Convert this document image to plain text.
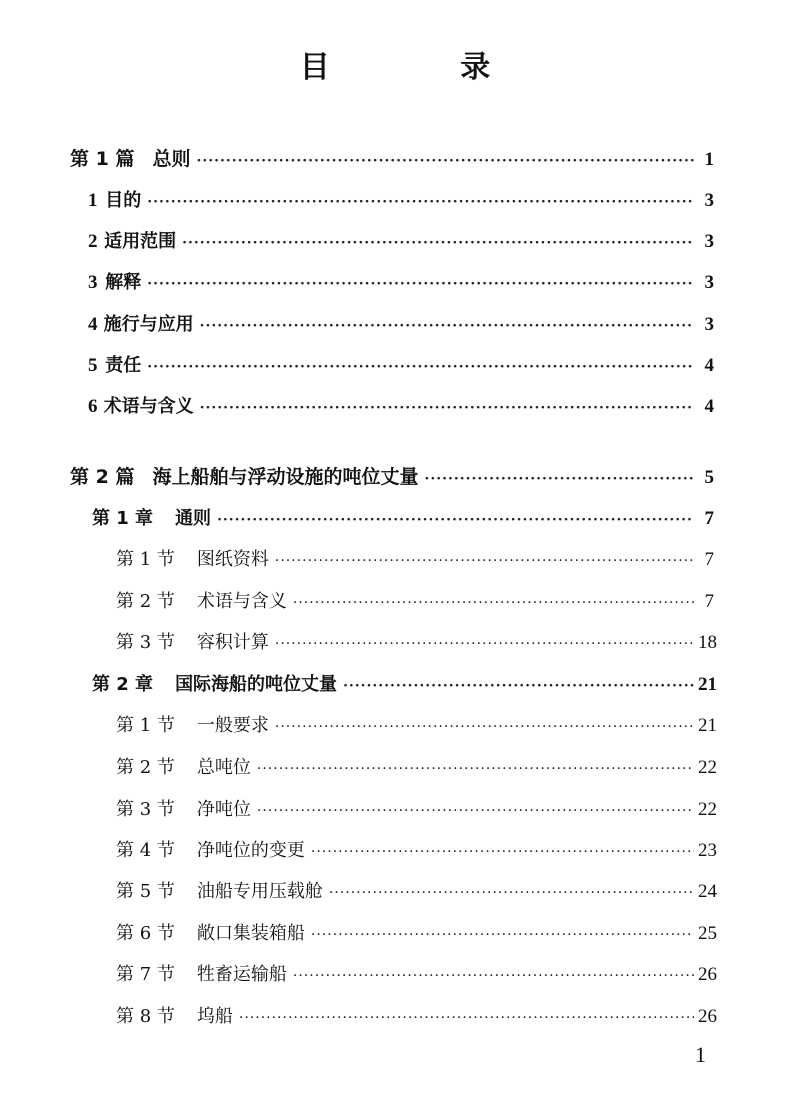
目 录
第 1 篇 总则 ·····	1
1 目的 ·····	3
2 适用范围 ·····	3
3 解释 ·····	3
4 施行与应用 ·····	3
5 责任 ·····	4
6 术语与含义 ·····	4
第 2 篇 海上船舶与浮动设施的吨位丈量 ·····	5
第 1 章 通则 ·····	7
第 1 节 图纸资料 ·····	7
第 2 节 术语与含义 ·····	7
第 3 节 容积计算 ·····	18
第 2 章 国际海船的吨位丈量 ·····	21
第 1 节 一般要求 ·····	21
第 2 节 总吨位 ·····	22
第 3 节 净吨位 ·····	22
第 4 节 净吨位的变更 ·····	23
第 5 节 油船专用压载舱 ·····	24
第 6 节 敞口集装箱船 ·····	25
第 7 节 牲畜运输船 ·····	26
第 8 节 坞船 ·····	26
1
